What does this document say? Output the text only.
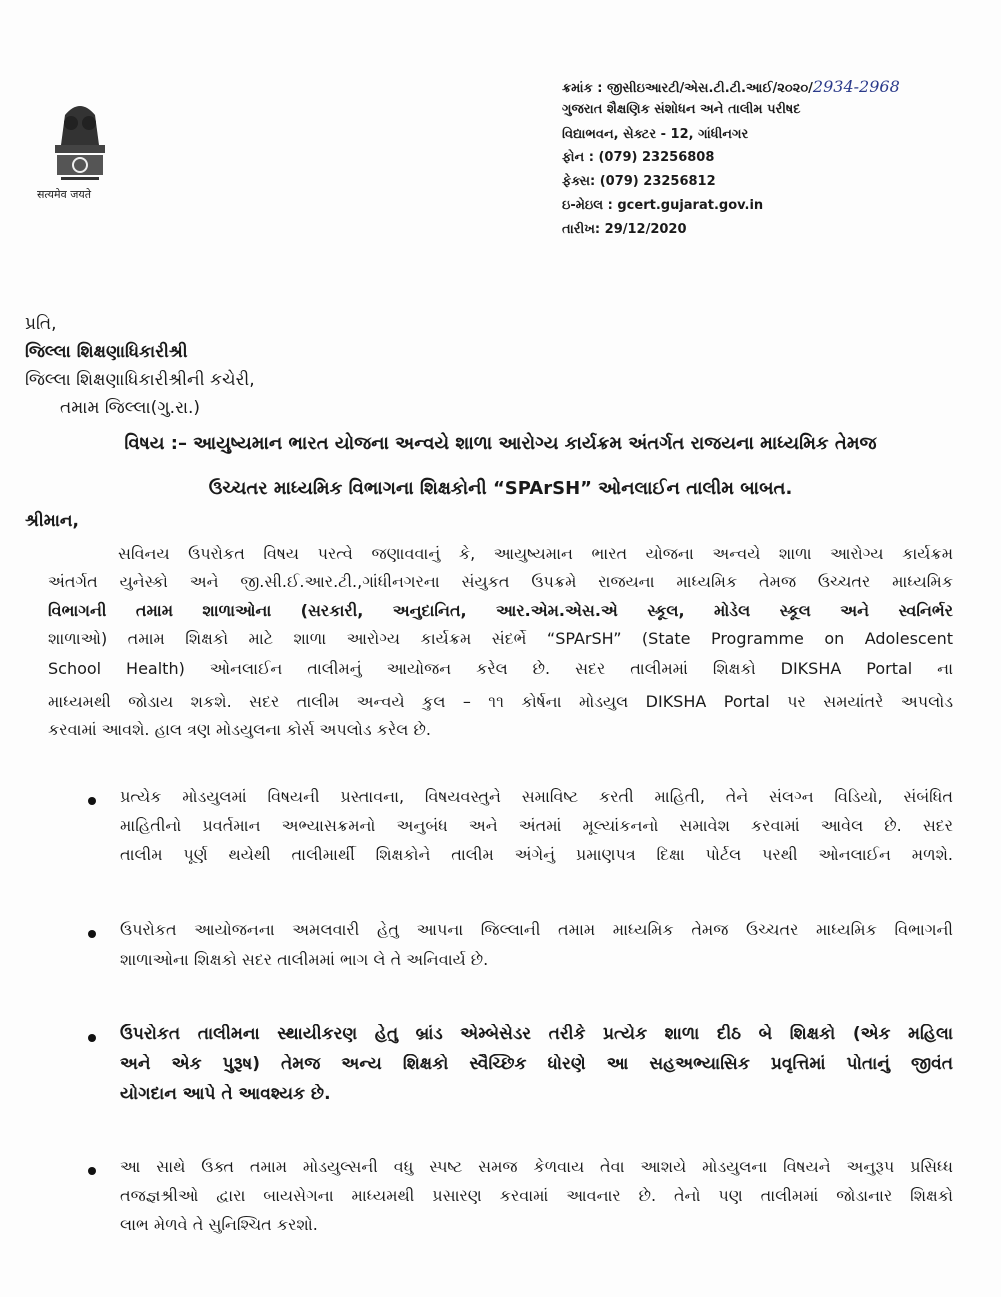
सत्यमेव जयते
ક્રમાંક : જીસીઇઆરટી/એસ.ટી.ટી.આઈ/૨૦૨૦/2934-2968
ગુજરાત શૈક્ષણિક સંશોધન અને તાલીમ પરીષદ
વિદ્યાભવન, સેક્ટર - 12, ગાંધીનગર
ફોન : (079) 23256808
ફેક્સ: (079) 23256812
ઇ-મેઇલ : gcert.gujarat.gov.in
તારીખ: 29/12/2020
પ્રતિ,
જિલ્લા શિક્ષણાધિકારીશ્રી
જિલ્લા શિક્ષણાધિકારીશ્રીની કચેરી,
તમામ જિલ્લા(ગુ.રા.)
વિષય :– આયુષ્યમાન ભારત યોજના અન્વયે શાળા આરોગ્ય કાર્યક્રમ અંતર્ગત રાજયના માધ્યમિક તેમજ
ઉચ્ચતર માધ્યમિક વિભાગના શિક્ષકોની “SPArSH” ઓનલાઈન તાલીમ બાબત.
શ્રીમાન,
સવિનય ઉપરોકત વિષય પરત્વે જણાવવાનું કે, આયુષ્યમાન ભારત યોજના અન્વયે શાળા આરોગ્ય કાર્યક્રમ
અંતર્ગત યુનેસ્કો અને જી.સી.ઈ.આર.ટી.,ગાંધીનગરના સંયુકત ઉપક્રમે રાજયના માધ્યમિક તેમજ ઉચ્ચતર માધ્યમિક
વિભાગની તમામ શાળાઓના (સરકારી, અનુદાનિત, આર.એમ.એસ.એ સ્કૂલ, મોડેલ સ્કૂલ અને સ્વનિર્ભર
શાળાઓ) તમામ શિક્ષકો માટે શાળા આરોગ્ય કાર્યક્રમ સંદર્ભે “SPArSH” (State Programme on Adolescent
School Health) ઓનલાઈન તાલીમનું આયોજન કરેલ છે. સદર તાલીમમાં શિક્ષકો DIKSHA Portal ના
માધ્યમથી જોડાય શકશે. સદર તાલીમ અન્વયે કુલ – ૧૧ કોર્ષના મોડયુલ DIKSHA Portal પર સમયાંતરે અપલોડ
કરવામાં આવશે. હાલ ત્રણ મોડયુલના કોર્સ અપલોડ કરેલ છે.
પ્રત્યેક મોડયુલમાં વિષયની પ્રસ્તાવના, વિષયવસ્તુને સમાવિષ્ટ કરતી માહિતી, તેને સંલગ્ન વિડિયો, સંબંધિત
માહિતીનો પ્રવર્તમાન અભ્યાસક્રમનો અનુબંધ અને અંતમાં મૂલ્યાંકનનો સમાવેશ કરવામાં આવેલ છે. સદર
તાલીમ પૂર્ણ થયેથી તાલીમાર્થી શિક્ષકોને તાલીમ અંગેનું પ્રમાણપત્ર દિક્ષા પોર્ટલ પરથી ઓનલાઈન મળશે.
ઉપરોકત આયોજનના અમલવારી હેતુ આપના જિલ્લાની તમામ માધ્યમિક તેમજ ઉચ્ચતર માધ્યમિક વિભાગની
શાળાઓના શિક્ષકો સદર તાલીમમાં ભાગ લે તે અનિવાર્ય છે.
ઉપરોકત તાલીમના સ્થાયીકરણ હેતુ બ્રાંડ એમ્બેસેડર તરીકે પ્રત્યેક શાળા દીઠ બે શિક્ષકો (એક મહિલા
અને એક પુરૂષ) તેમજ અન્ય શિક્ષકો સ્વૈચ્છિક ધોરણે આ સહઅભ્યાસિક પ્રવૃત્તિમાં પોતાનું જીવંત
યોગદાન આપે તે આવશ્યક છે.
આ સાથે ઉક્ત તમામ મોડયુલ્સની વધુ સ્પષ્ટ સમજ કેળવાય તેવા આશયે મોડયુલના વિષયને અનુરૂપ પ્રસિધ્ધ
તજજ્ઞશ્રીઓ દ્વારા બાયસેગના માધ્યમથી પ્રસારણ કરવામાં આવનાર છે. તેનો પણ તાલીમમાં જોડાનાર શિક્ષકો
લાભ મેળવે તે સુનિશ્ચિત કરશો.
